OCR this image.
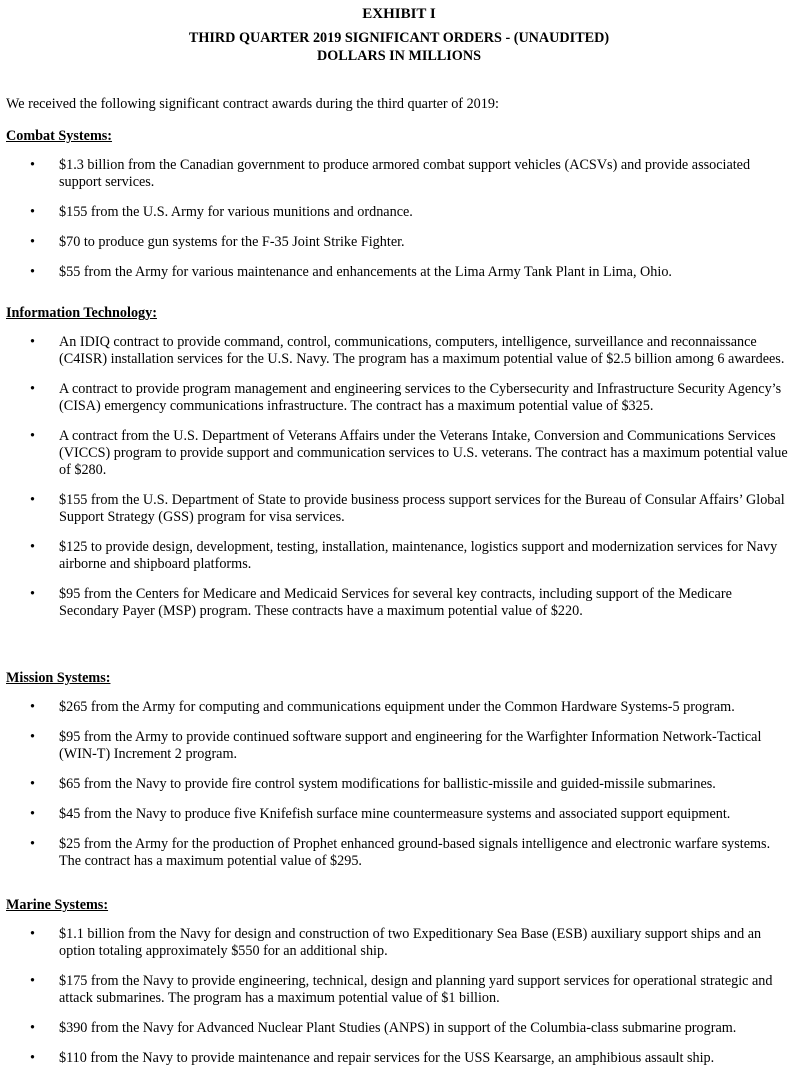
EXHIBIT I
THIRD QUARTER 2019 SIGNIFICANT ORDERS - (UNAUDITED)
DOLLARS IN MILLIONS
We received the following significant contract awards during the third quarter of 2019:

Combat Systems:

• $1.3 billion from the Canadian government to produce armored combat support vehicles (ACSVs) and provide associated support services.
• $155 from the U.S. Army for various munitions and ordnance.
• $70 to produce gun systems for the F-35 Joint Strike Fighter.
• $55 from the Army for various maintenance and enhancements at the Lima Army Tank Plant in Lima, Ohio.

Information Technology:

• An IDIQ contract to provide command, control, communications, computers, intelligence, surveillance and reconnaissance (C4ISR) installation services for the U.S. Navy. The program has a maximum potential value of $2.5 billion among 6 awardees.
• A contract to provide program management and engineering services to the Cybersecurity and Infrastructure Security Agency’s (CISA) emergency communications infrastructure. The contract has a maximum potential value of $325.
• A contract from the U.S. Department of Veterans Affairs under the Veterans Intake, Conversion and Communications Services (VICCS) program to provide support and communication services to U.S. veterans. The contract has a maximum potential value of $280.
• $155 from the U.S. Department of State to provide business process support services for the Bureau of Consular Affairs’ Global Support Strategy (GSS) program for visa services.
• $125 to provide design, development, testing, installation, maintenance, logistics support and modernization services for Navy airborne and shipboard platforms.
• $95 from the Centers for Medicare and Medicaid Services for several key contracts, including support of the Medicare Secondary Payer (MSP) program. These contracts have a maximum potential value of $220.

Mission Systems:

• $265 from the Army for computing and communications equipment under the Common Hardware Systems-5 program.
• $95 from the Army to provide continued software support and engineering for the Warfighter Information Network-Tactical (WIN-T) Increment 2 program.
• $65 from the Navy to provide fire control system modifications for ballistic-missile and guided-missile submarines.
• $45 from the Navy to produce five Knifefish surface mine countermeasure systems and associated support equipment.
• $25 from the Army for the production of Prophet enhanced ground-based signals intelligence and electronic warfare systems. The contract has a maximum potential value of $295.

Marine Systems:

• $1.1 billion from the Navy for design and construction of two Expeditionary Sea Base (ESB) auxiliary support ships and an option totaling approximately $550 for an additional ship.
• $175 from the Navy to provide engineering, technical, design and planning yard support services for operational strategic and attack submarines. The program has a maximum potential value of $1 billion.
• $390 from the Navy for Advanced Nuclear Plant Studies (ANPS) in support of the Columbia-class submarine program.
• $110 from the Navy to provide maintenance and repair services for the USS Kearsarge, an amphibious assault ship.
